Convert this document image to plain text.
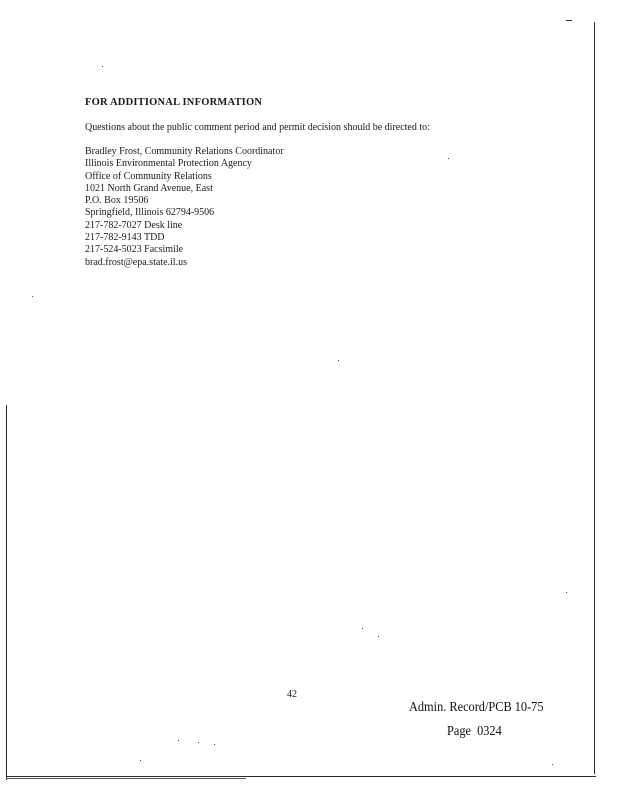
FOR ADDITIONAL INFORMATION
Questions about the public comment period and permit decision should be directed to:
Bradley Frost, Community Relations Coordinator
Illinois Environmental Protection Agency
Office of Community Relations
1021 North Grand Avenue, East
P.O. Box 19506
Springfield, Illinois 62794-9506
217-782-7027 Desk line
217-782-9143 TDD
217-524-5023 Facsimile
brad.frost@epa.state.il.us
42
Admin. Record/PCB 10-75
Page 0324
